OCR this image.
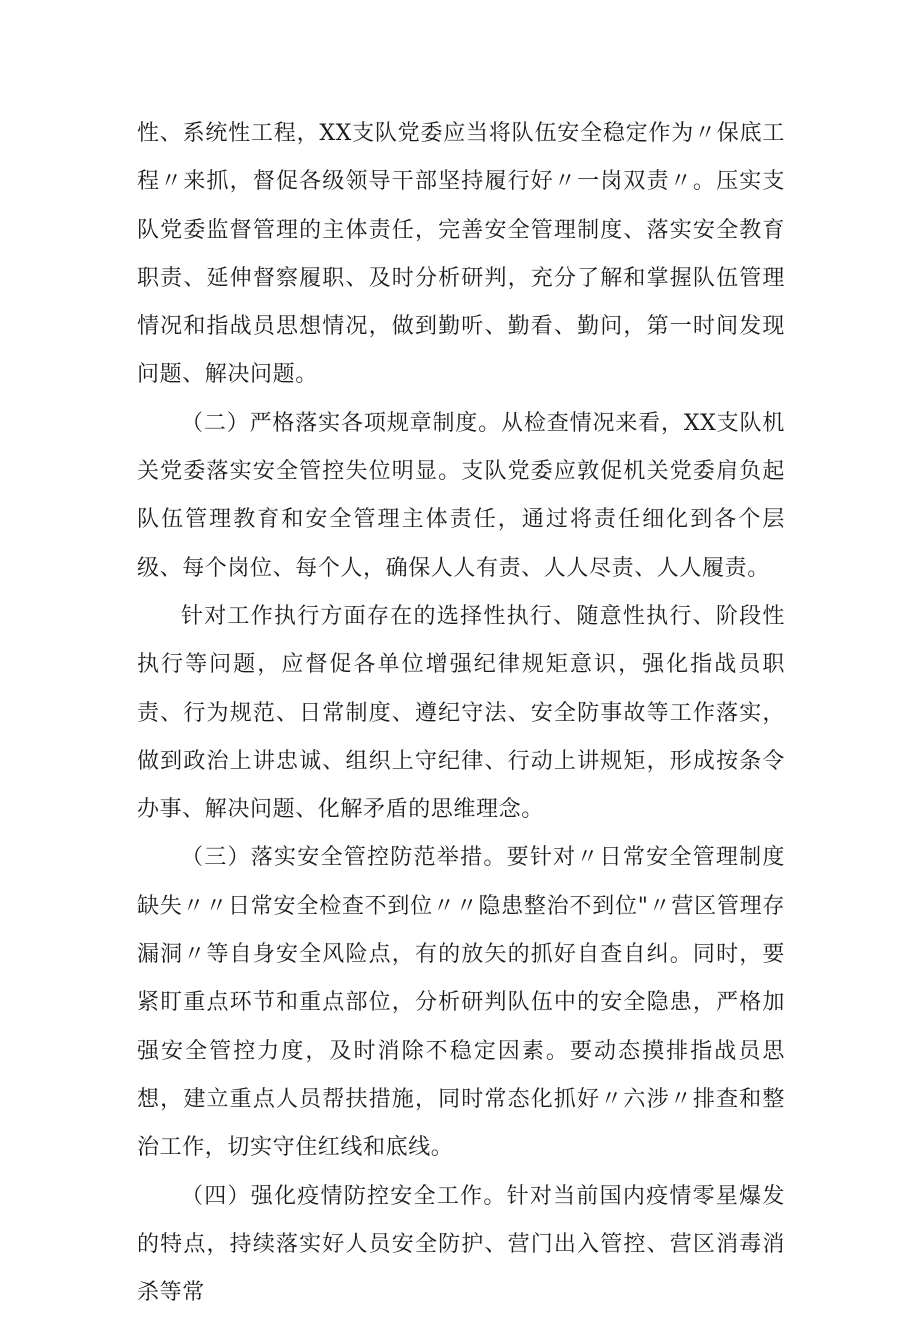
性、系统性工程，XX支队党委应当将队伍安全稳定作为〃保底工程〃来抓，督促各级领导干部坚持履行好〃一岗双责〃。压实支队党委监督管理的主体责任，完善安全管理制度、落实安全教育职责、延伸督察履职、及时分析研判，充分了解和掌握队伍管理情况和指战员思想情况，做到勤听、勤看、勤问，第一时间发现问题、解决问题。

（二）严格落实各项规章制度。从检查情况来看，XX支队机关党委落实安全管控失位明显。支队党委应敦促机关党委肩负起队伍管理教育和安全管理主体责任，通过将责任细化到各个层级、每个岗位、每个人，确保人人有责、人人尽责、人人履责。

针对工作执行方面存在的选择性执行、随意性执行、阶段性执行等问题，应督促各单位增强纪律规矩意识，强化指战员职责、行为规范、日常制度、遵纪守法、安全防事故等工作落实，做到政治上讲忠诚、组织上守纪律、行动上讲规矩，形成按条令办事、解决问题、化解矛盾的思维理念。

（三）落实安全管控防范举措。要针对〃日常安全管理制度缺失〃〃日常安全检查不到位〃〃隐患整治不到位"〃营区管理存漏洞〃等自身安全风险点，有的放矢的抓好自查自纠。同时，要紧盯重点环节和重点部位，分析研判队伍中的安全隐患，严格加强安全管控力度，及时消除不稳定因素。要动态摸排指战员思想，建立重点人员帮扶措施，同时常态化抓好〃六涉〃排查和整治工作，切实守住红线和底线。

（四）强化疫情防控安全工作。针对当前国内疫情零星爆发的特点，持续落实好人员安全防护、营门出入管控、营区消毒消杀等常
